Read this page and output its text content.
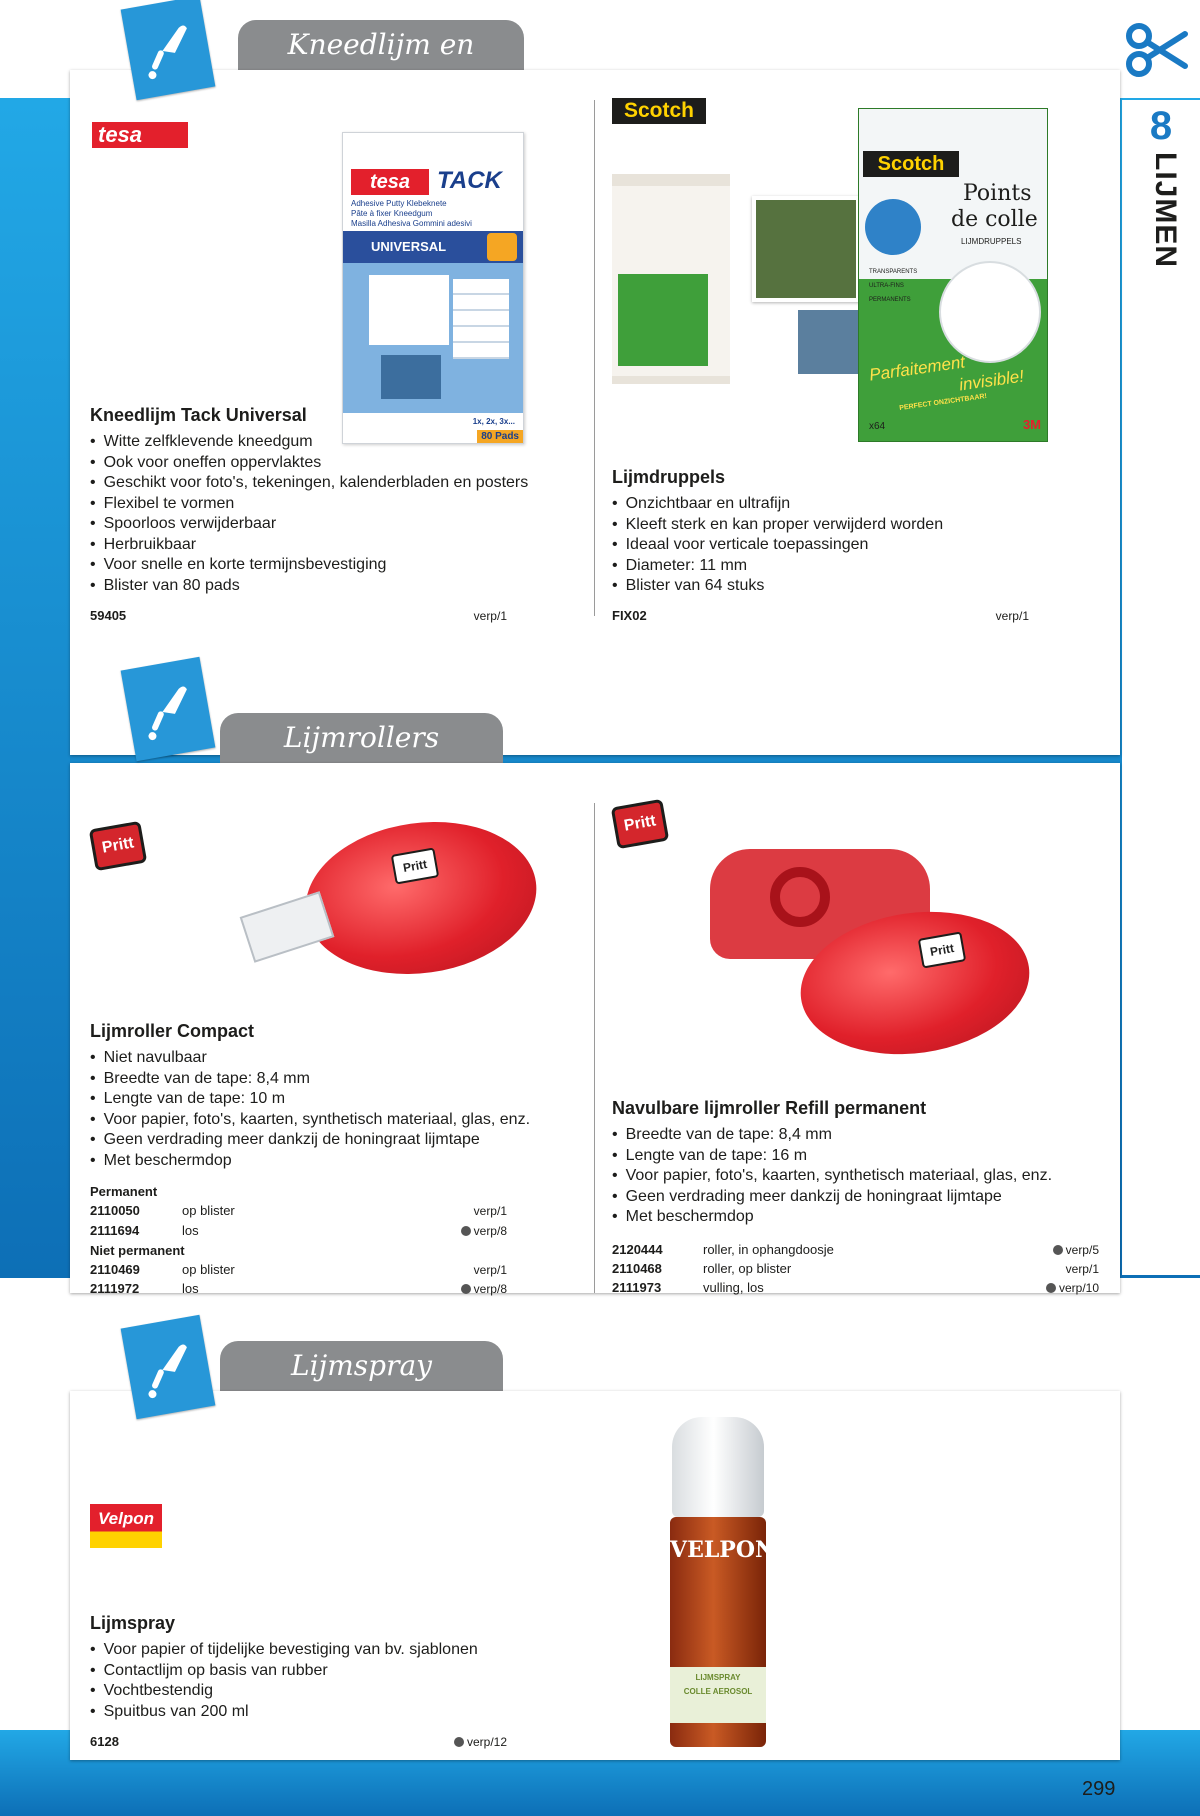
8
LIJMEN
Kneedlijm en
tesa
tesa	TACK
Adhesive Putty Klebeknete
Pâte à fixer Kneedgum
Masilla Adhesiva Gommini adesivi
UNIVERSAL
1x, 2x, 3x...
80 Pads
Kneedlijm Tack Universal
• Witte zelfklevende kneedgum
• Ook voor oneffen oppervlaktes
• Geschikt voor foto's, tekeningen, kalenderbladen en posters
• Flexibel te vormen
• Spoorloos verwijderbaar
• Herbruikbaar
• Voor snelle en korte termijnsbevestiging
• Blister van 80 pads
59405	verp/1
Scotch
Scotch
Points
de colle
LIJMDRUPPELS
TRANSPARENTS
ULTRA-FINS
PERMANENTS
Parfaitement
invisible!
PERFECT ONZICHTBAAR!
x64	3M
Lijmdruppels
• Onzichtbaar en ultrafijn
• Kleeft sterk en kan proper verwijderd worden
• Ideaal voor verticale toepassingen
• Diameter: 11 mm
• Blister van 64 stuks
FIX02	verp/1
Lijmrollers
Pritt
Pritt
Lijmroller Compact
• Niet navulbaar
• Breedte van de tape: 8,4 mm
• Lengte van de tape: 10 m
• Voor papier, foto's, kaarten, synthetisch materiaal, glas, enz.
• Geen verdrading meer dankzij de honingraat lijmtape
• Met beschermdop
Permanent
2110050	op blister	verp/1
2111694	los	verp/8
Niet permanent
2110469	op blister	verp/1
2111972	los	verp/8
Pritt
Pritt
Navulbare lijmroller Refill permanent
• Breedte van de tape: 8,4 mm
• Lengte van de tape: 16 m
• Voor papier, foto's, kaarten, synthetisch materiaal, glas, enz.
• Geen verdrading meer dankzij de honingraat lijmtape
• Met beschermdop
2120444	roller, in ophangdoosje	verp/5
2110468	roller, op blister	verp/1
2111973	vulling, los	verp/10
Lijmspray
Velpon
VELPON
LIJMSPRAY
COLLE AEROSOL
Lijmspray
• Voor papier of tijdelijke bevestiging van bv. sjablonen
• Contactlijm op basis van rubber
• Vochtbestendig
• Spuitbus van 200 ml
6128	verp/12
299
